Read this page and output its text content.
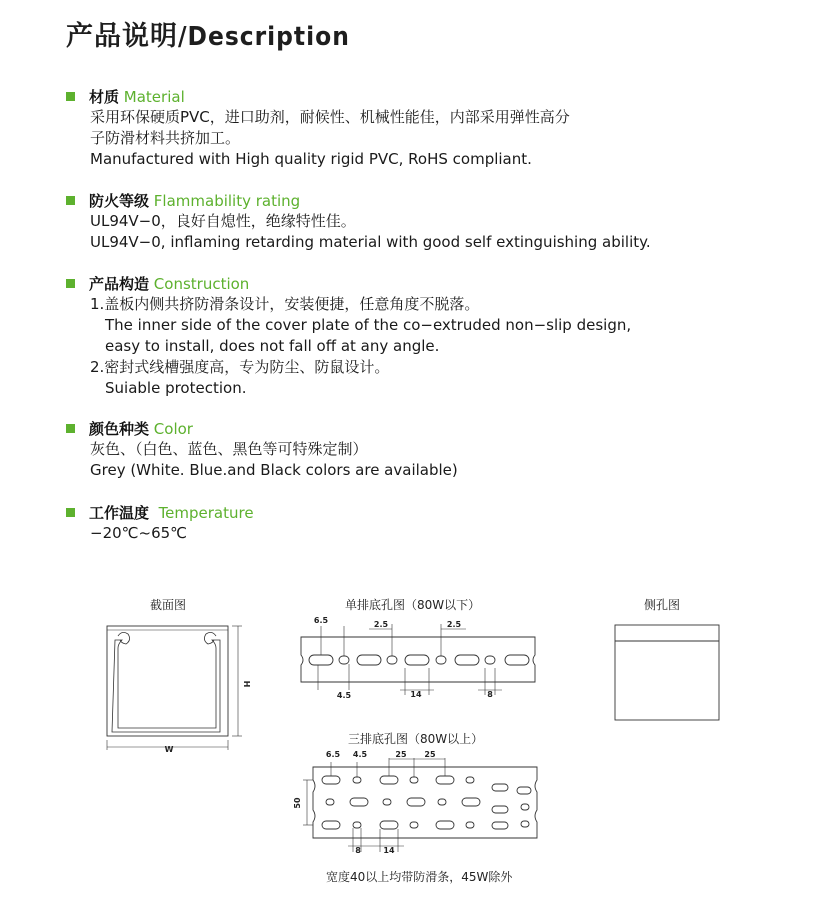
产品说明/Description
材质 Material
采用环保硬质PVC，进口助剂，耐候性、机械性能佳，内部采用弹性高分
子防滑材料共挤加工。
Manufactured with High quality rigid PVC, RoHS compliant.
防火等级 Flammability rating
UL94V−0，良好自熄性，绝缘特性佳。
UL94V−0, inflaming retarding material with good self extinguishing ability.
产品构造 Construction
1.盖板内侧共挤防滑条设计，安装便捷，任意角度不脱落。
The inner side of the cover plate of the co−extruded non−slip design,
easy to install, does not fall off at any angle.
2.密封式线槽强度高，专为防尘、防鼠设计。
Suiable protection.
颜色种类 Color
灰色、（白色、蓝色、黑色等可特殊定制）
Grey (White. Blue.and Black colors are available)
工作温度 Temperature
−20℃~65℃
截面图	单排底孔图（80W以下）	侧孔图
三排底孔图（80W以上）
宽度40以上均带防滑条，45W除外
W
H
6.5	2.5	2.5
4.5	14	8
6.5 4.5	25 25
50
8	14
